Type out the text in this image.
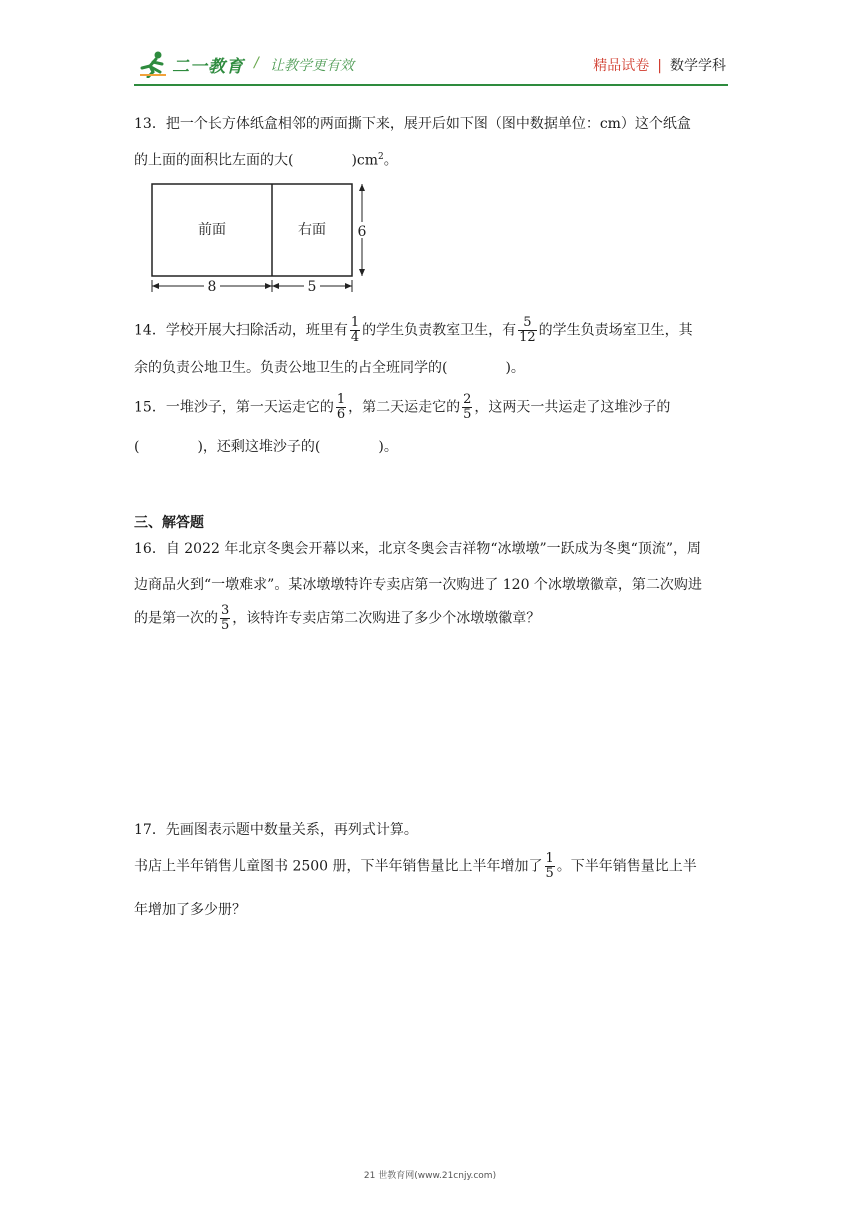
二一教育 / 让教学更有效	精品试卷 | 数学学科
13．把一个长方体纸盒相邻的两面撕下来，展开后如下图（图中数据单位：cm）这个纸盒
的上面的面积比左面的大(	)$cm^2$。
前面	右面 6
8	5
14．学校开展大扫除活动，班里有 $\frac{1}{4}$ 的学生负责教室卫生，有 $\frac{5}{12}$ 的学生负责场室卫生，其
余的负责公地卫生。负责公地卫生的占全班同学的(	)。
15．一堆沙子，第一天运走它的 $\frac{1}{6}$ ，第二天运走它的 $\frac{2}{5}$ ，这两天一共运走了这堆沙子的
(	)，还剩这堆沙子的(	)。
三、解答题
16．自 2022 年北京冬奥会开幕以来，北京冬奥会吉祥物“冰墩墩”一跃成为冬奥“顶流”，周
边商品火到“一墩难求”。某冰墩墩特许专卖店第一次购进了 120 个冰墩墩徽章，第二次购进
的是第一次的 $\frac{3}{5}$ ，该特许专卖店第二次购进了多少个冰墩墩徽章？
17．先画图表示题中数量关系，再列式计算。
书店上半年销售儿童图书 2500 册，下半年销售量比上半年增加了 $\frac{1}{5}$ 。下半年销售量比上半
年增加了多少册？
21 世教育网(www.21cnjy.com)
